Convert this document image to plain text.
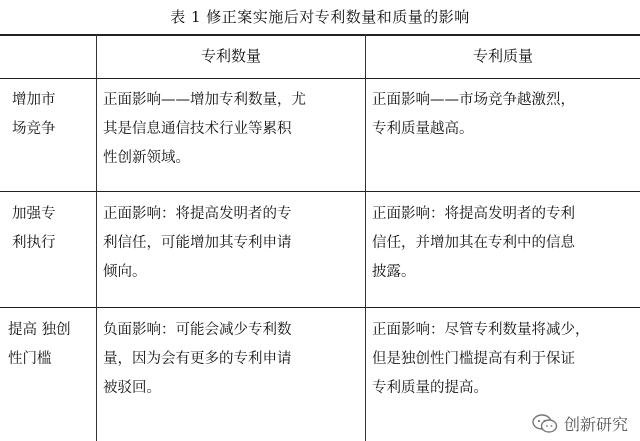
表 1 修正案实施后对专利数量和质量的影响
专利数量	专利质量
增加市
场竞争
正面影响——增加专利数量，尤
其是信息通信技术行业等累积
性创新领域。
正面影响——市场竞争越激烈，
专利质量越高。
加强专
利执行
正面影响：将提高发明者的专
利信任，可能增加其专利申请
倾向。
正面影响：将提高发明者的专利
信任，并增加其在专利中的信息
披露。
提高 独创
性门槛
负面影响：可能会减少专利数
量，因为会有更多的专利申请
被驳回。
正面影响：尽管专利数量将减少，
但是独创性门槛提高有利于保证
专利质量的提高。
创新研究
